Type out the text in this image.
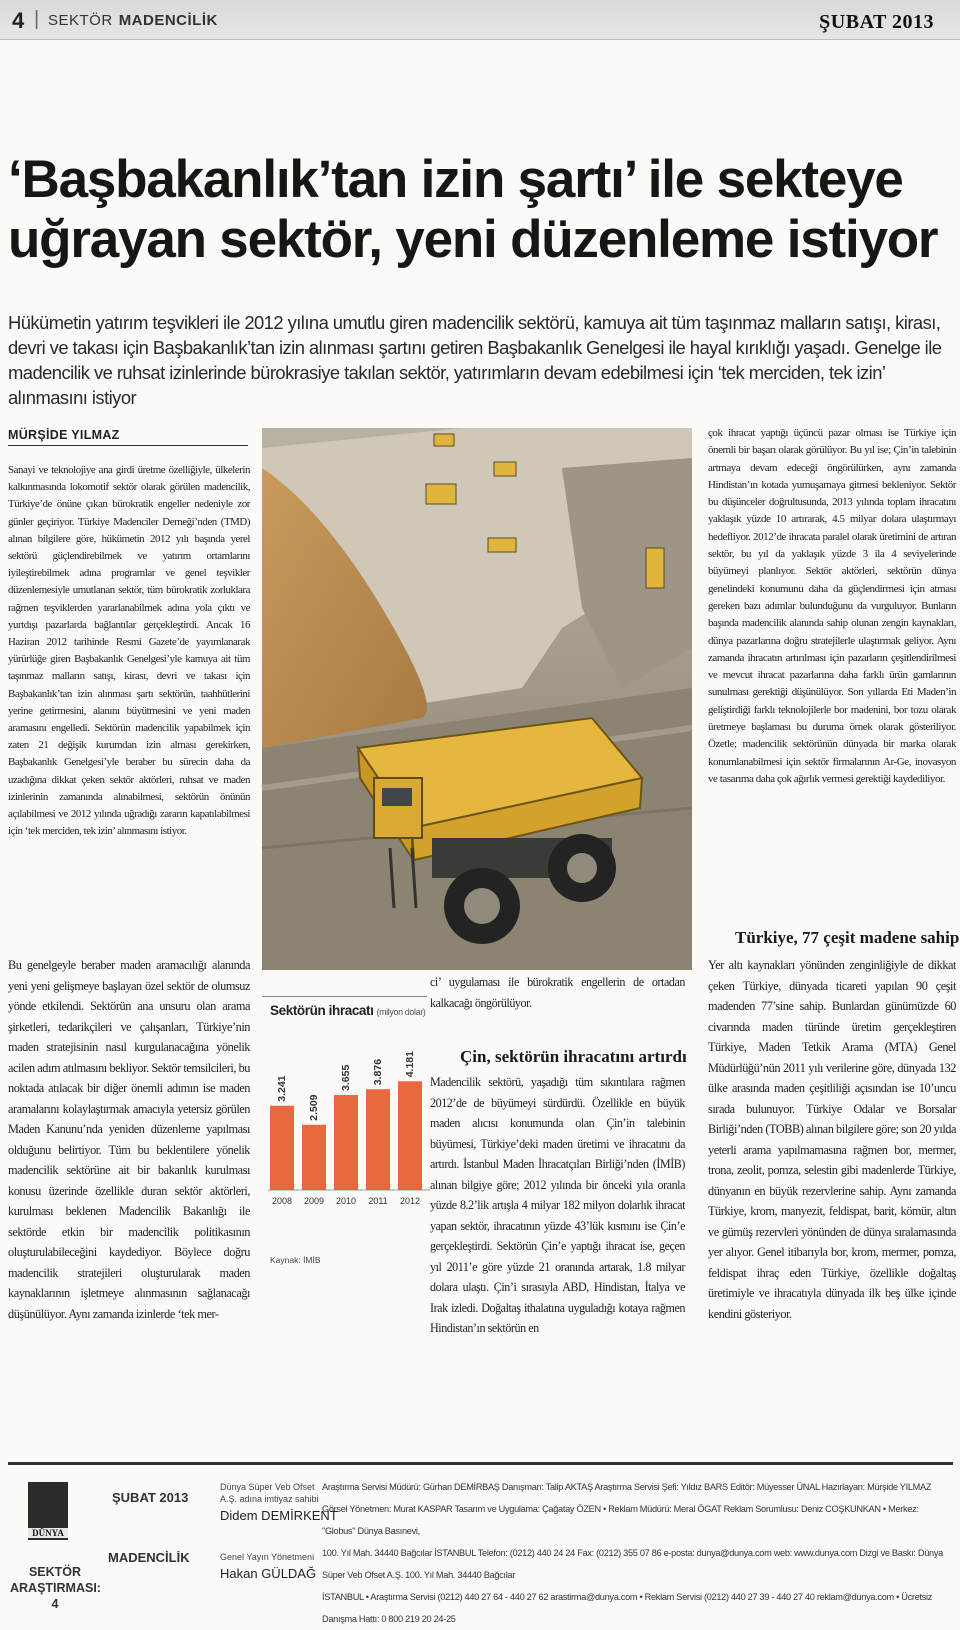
4 | SEKTÖR MADENCİLİK	ŞUBAT 2013
‘Başbakanlık’tan izin şartı’ ile sekteye
uğrayan sektör, yeni düzenleme istiyor

Hükümetin yatırım teşvikleri ile 2012 yılına umutlu giren madencilik sektörü, kamuya ait tüm taşınmaz malların satışı, kirası, devri ve takası için Başbakanlık’tan izin alınması şartını getiren Başbakanlık Genelgesi ile hayal kırıklığı yaşadı. Genelge ile madencilik ve ruhsat izinlerinde bürokrasiye takılan sektör, yatırımların devam edebilmesi için ‘tek merciden, tek izin’ alınmasını istiyor

MÜRŞİDE YILMAZ

Sanayi ve teknolojiye ana girdi üretme özelliğiyle, ülkelerin kalkınmasında lokomotif sektör olarak görülen madencilik, Türkiye’de önüne çıkan bürokratik engeller nedeniyle zor günler geçiriyor. Türkiye Madenciler Derneği’nden (TMD) alınan bilgilere göre, hükümetin 2012 yılı başında yerel sektörü güçlendirebilmek ve yatırım ortamlarını iyileştirebilmek adına programlar ve genel teşvikler düzenlemesiyle umutlanan sektör, tüm bürokratik zorluklara rağmen teşviklerden yararlanabilmek adına yola çıktı ve yurtdışı pazarlarda bağlantılar gerçekleştirdi. Ancak 16 Haziran 2012 tarihinde Resmi Gazete’de yayımlanarak yürürlüğe giren Başbakanlık Genelgesi’yle kamuya ait tüm taşınmaz malların satışı, kirası, devri ve takası için Başbakanlık’tan izin alınması şartı sektörün, taahhütlerini yerine getirmesini, alanını büyütmesini ve yeni maden aramasını engelledi. Sektörün madencilik yapabilmek için zaten 21 değişik kurumdan izin alması gerekirken, Başbakanlık Genelgesi’yle beraber bu sürecin daha da uzadığına dikkat çeken sektör aktörleri, ruhsat ve maden izinlerinin zamanında alınabilmesi, sektörün önünün açılabilmesi ve 2012 yılında uğradığı zararın kapatılabilmesi için ‘tek merciden, tek izin’ alınmasını istiyor.

Bu genelgeyle beraber maden aramacılığı alanında yeni yeni gelişmeye başlayan özel sektör de olumsuz yönde etkilendi. Sektörün ana unsuru olan arama şirketleri, tedarikçileri ve çalışanları, Türkiye’nin maden stratejisinin nasıl kurgulanacağına yönelik acilen adım atılmasını bekliyor. Sektör temsilcileri, bu noktada atılacak bir diğer önemli adımın ise maden aramalarını kolaylaştırmak amacıyla yetersiz görülen Maden Kanunu’nda yeniden düzenleme yapılması olduğunu belirtiyor. Tüm bu beklentilere yönelik madencilik sektörüne ait bir bakanlık kurulması konusu üzerinde özellikle duran sektör aktörleri, kurulması beklenen Madencilik Bakanlığı ile sektörde etkin bir madencilik politikasının oluşturulabileceğini kaydediyor. Böylece doğru madencilik stratejileri oluşturularak maden kaynaklarının işletmeye alınmasının sağlanacağı düşünülüyor. Aynı zamanda izinlerde ‘tek mer-

Sektörün ihracatı (milyon dolar)
3.241
2008
2.509
2009
3.655
2010
3.876
2011
4.181
2012
Kaynak: İMİB

ci’ uygulaması ile bürokratik engellerin de ortadan kalkacağı öngörülüyor.

Çin, sektörün ihracatını artırdı

Madencilik sektörü, yaşadığı tüm sıkıntılara rağmen 2012’de de büyümeyi sürdürdü. Özellikle en büyük maden alıcısı konumunda olan Çin’in talebinin büyümesi, Türkiye’deki maden üretimi ve ihracatını da artırdı. İstanbul Maden İhracatçıları Birliği’nden (İMİB) alınan bilgiye göre; 2012 yılında bir önceki yıla oranla yüzde 8.2’lik artışla 4 milyar 182 milyon dolarlık ihracat yapan sektör, ihracatının yüzde 43’lük kısmını ise Çin’e gerçekleştirdi. Sektörün Çin’e yaptığı ihracat ise, geçen yıl 2011’e göre yüzde 21 oranında artarak, 1.8 milyar dolara ulaştı. Çin’i sırasıyla ABD, Hindistan, İtalya ve Irak izledi. Doğaltaş ithalatına uyguladığı kotaya rağmen Hindistan’ın sektörün en

çok ihracat yaptığı üçüncü pazar olması ise Türkiye için önemli bir başarı olarak görülüyor. Bu yıl ise; Çin’in talebinin artmaya devam edeceği öngörülürken, aynı zamanda Hindistan’ın kotada yumuşamaya gitmesi bekleniyor. Sektör bu düşünceler doğrultusunda, 2013 yılında toplam ihracatını yaklaşık yüzde 10 artırarak, 4.5 milyar dolara ulaştırmayı hedefliyor. 2012’de ihracata paralel olarak üretimini de artıran sektör, bu yıl da yaklaşık yüzde 3 ila 4 seviyelerinde büyümeyi planlıyor. Sektör aktörleri, sektörün dünya genelindeki konumunu daha da güçlendirmesi için atması gereken bazı adımlar bulunduğunu da vurguluyor. Bunların başında madencilik alanında sahip olunan zengin kaynakları, dünya pazarlarına doğru stratejilerle ulaştırmak geliyor. Aynı zamanda ihracatın artırılması için pazarların çeşitlendirilmesi ve mevcut ihracat pazarlarına daha farklı ürün gamlarının sunulması gerektiği düşünülüyor. Son yıllarda Eti Maden’in geliştirdiği farklı teknolojilerle bor madenini, bor tozu olarak üretmeye başlaması bu duruma örnek olarak gösteriliyor. Özetle; madencilik sektörünün dünyada bir marka olarak konumlanabilmesi için sektör firmalarının Ar-Ge, inovasyon ve tasarıma daha çok ağırlık vermesi gerektiği kaydediliyor.

Türkiye, 77 çeşit madene sahip

Yer altı kaynakları yönünden zenginliğiyle de dikkat çeken Türkiye, dünyada ticareti yapılan 90 çeşit madenden 77’sine sahip. Bunlardan günümüzde 60 civarında maden türünde üretim gerçekleştiren Türkiye, Maden Tetkik Arama (MTA) Genel Müdürlüğü’nün 2011 yılı verilerine göre, dünyada 132 ülke arasında maden çeşitliliği açısından ise 10’uncu sırada bulunuyor. Türkiye Odalar ve Borsalar Birliği’nden (TOBB) alınan bilgilere göre; son 20 yılda yeterli arama yapılmamasına rağmen bor, mermer, trona, zeolit, pomza, selestin gibi madenlerde Türkiye, dünyanın en büyük rezervlerine sahip. Aynı zamanda Türkiye, krom, manyezit, feldispat, barit, kömür, altın ve gümüş rezervleri yönünden de dünya sıralamasında yer alıyor. Genel itibarıyla bor, krom, mermer, pomza, feldispat ihraç eden Türkiye, özellikle doğaltaş üretimiyle ve ihracatıyla dünyada ilk beş ülke içinde kendini gösteriyor.

DÜNYA
ŞUBAT 2013
MADENCİLİK
SEKTÖR
ARAŞTIRMASI: 4
Dünya Süper Veb Ofset
A.Ş. adına imtiyaz sahibi
Didem DEMİRKENT
Genel Yayın Yönetmeni
Hakan GÜLDAĞ
Araştırma Servisi Müdürü: Gürhan DEMİRBAŞ Danışman: Talip AKTAŞ Araştırma Servisi Şefi: Yıldız BARS Editör: Müyesser ÜNAL Hazırlayan: Mürşide YILMAZ
Görsel Yönetmen: Murat KASPAR Tasarım ve Uygulama: Çağatay ÖZEN • Reklam Müdürü: Meral ÖGAT Reklam Sorumlusu: Deniz COŞKUNKAN • Merkez: "Globus" Dünya Basınevi,
100. Yıl Mah. 34440 Bağcılar İSTANBUL Telefon: (0212) 440 24 24 Fax: (0212) 355 07 86 e-posta: dunya@dunya.com web: www.dunya.com Dizgi ve Baskı: Dünya Süper Veb Ofset A.Ş. 100. Yıl Mah. 34440 Bağcılar
İSTANBUL • Araştırma Servisi (0212) 440 27 64 - 440 27 62 arastirma@dunya.com • Reklam Servisi (0212) 440 27 39 - 440 27 40 reklam@dunya.com • Ücretsiz Danışma Hattı: 0 800 219 20 24-25
